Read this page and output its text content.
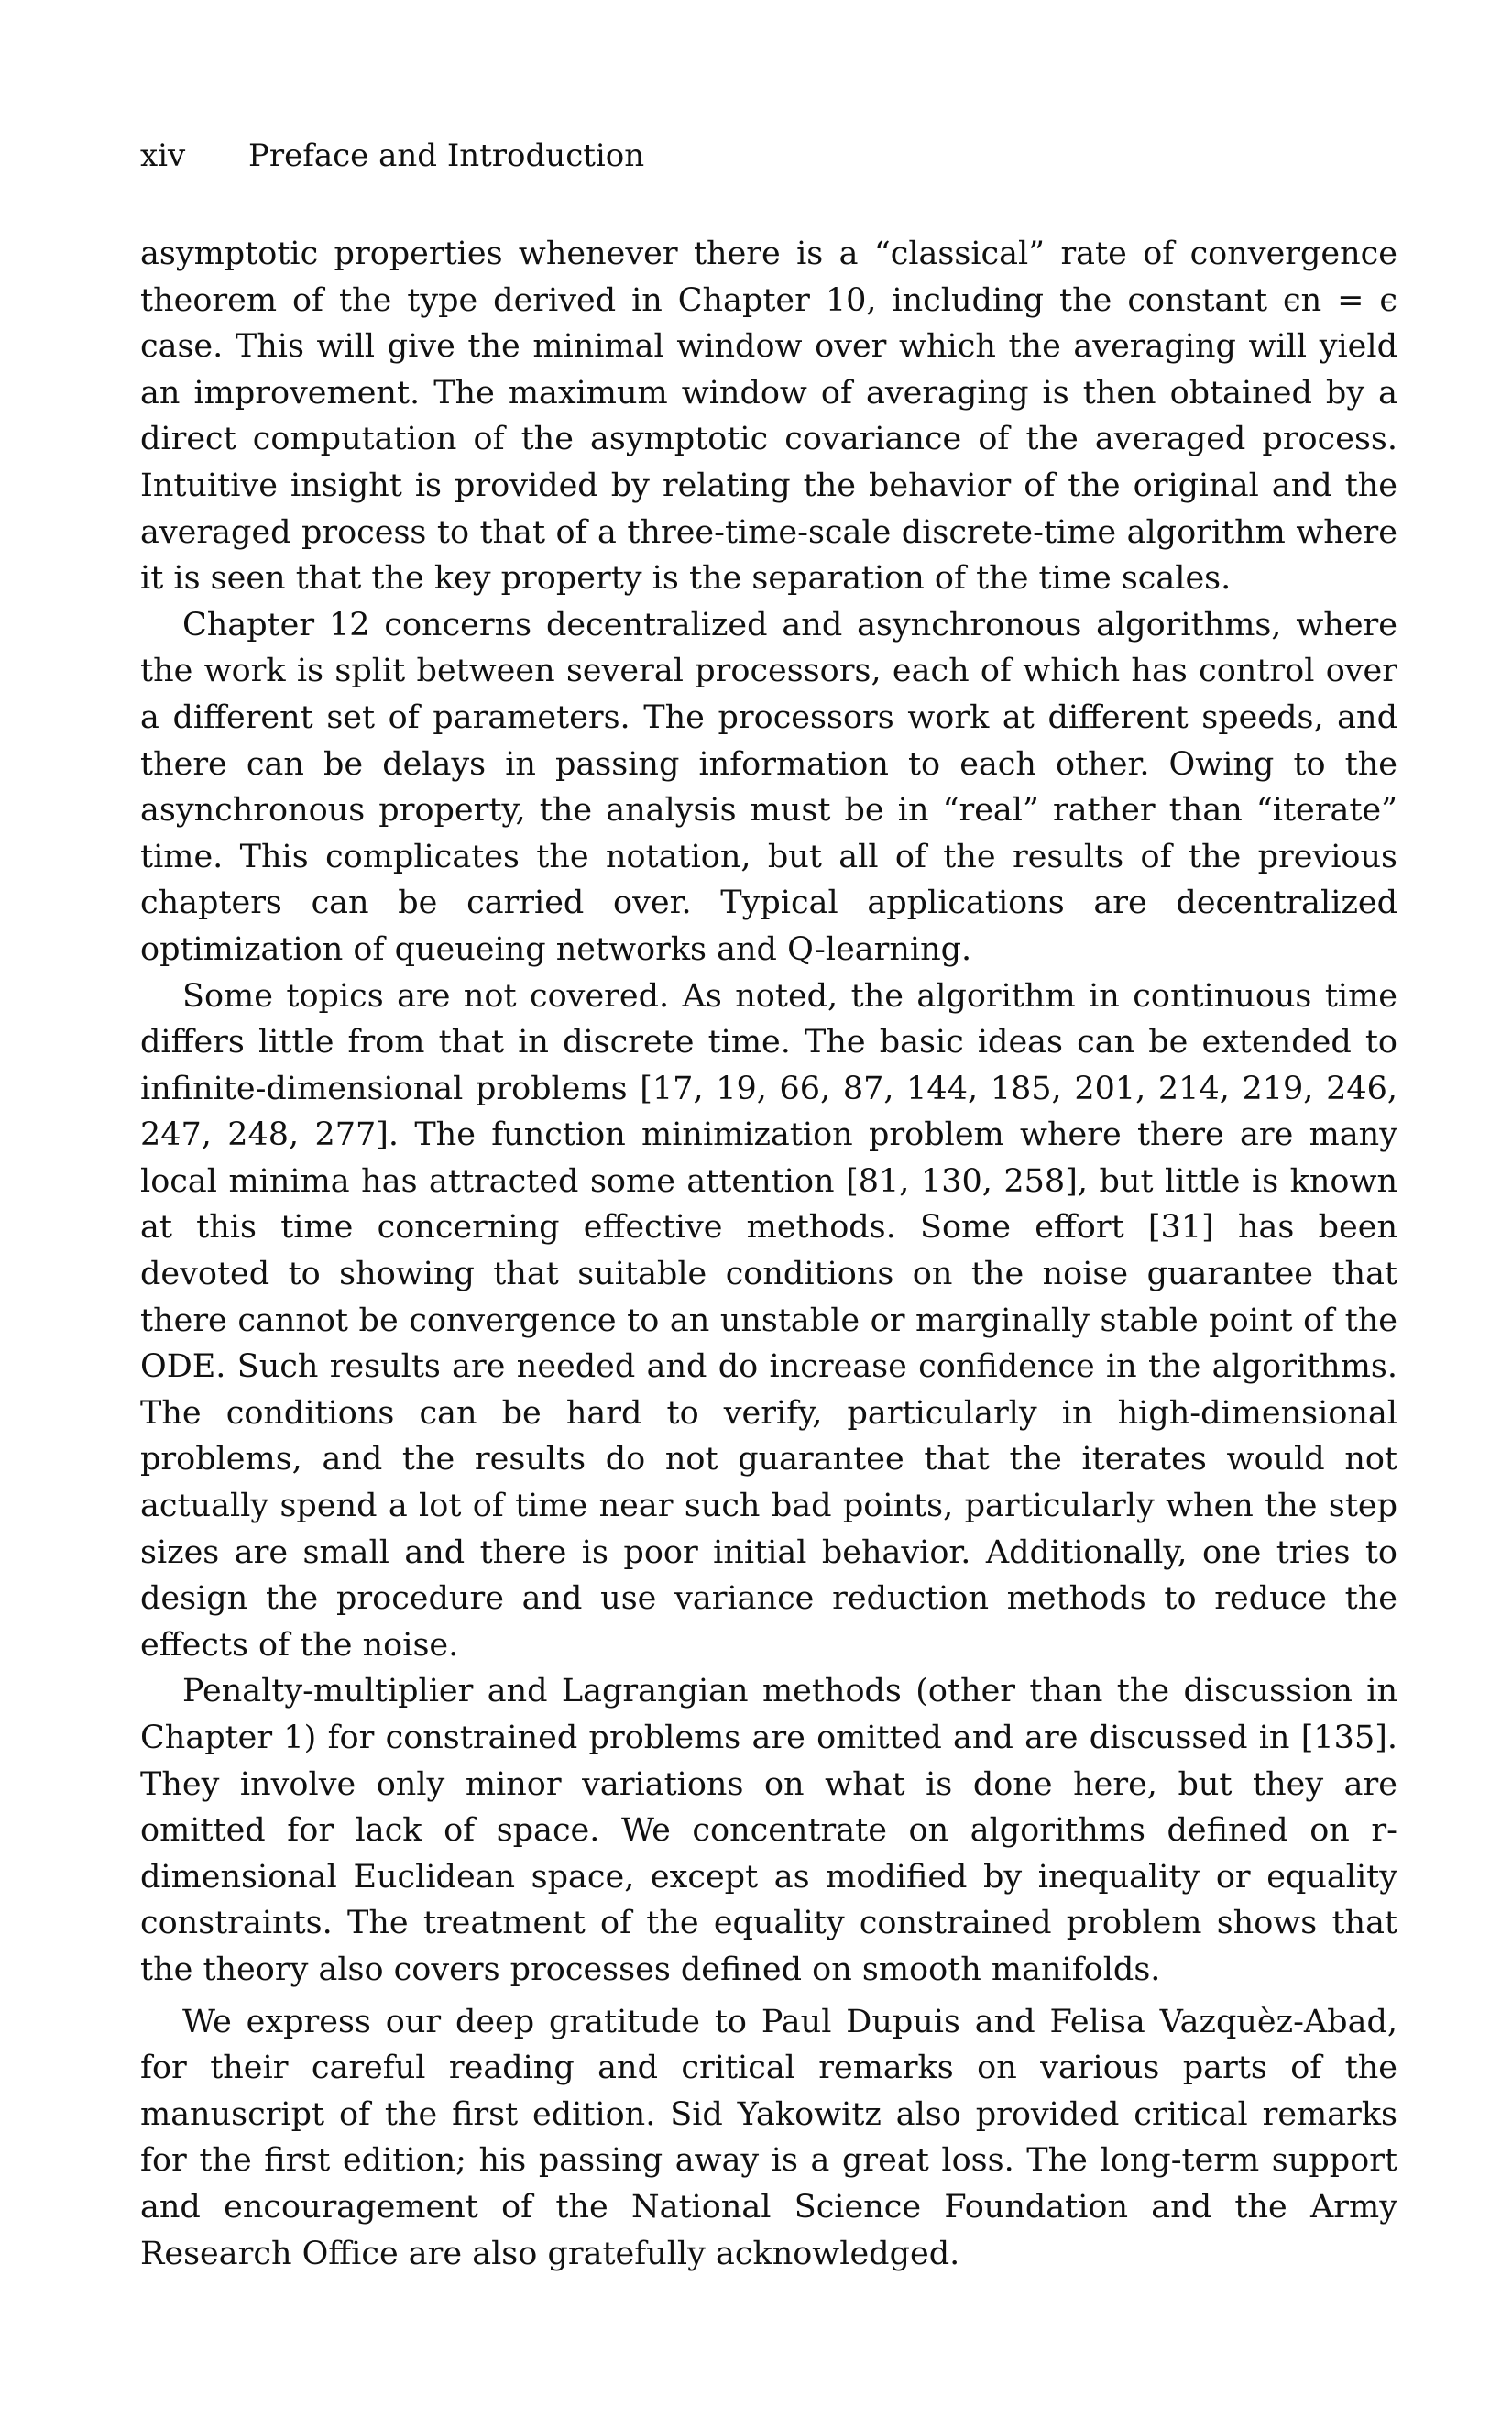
xiv Preface and Introduction

asymptotic properties whenever there is a “classical” rate of convergence theorem of the type derived in Chapter 10, including the constant ϵn = ϵ case. This will give the minimal window over which the averaging will yield an improvement. The maximum window of averaging is then obtained by a direct computation of the asymptotic covariance of the averaged process. Intuitive insight is provided by relating the behavior of the original and the averaged process to that of a three-time-scale discrete-time algorithm where it is seen that the key property is the separation of the time scales.

Chapter 12 concerns decentralized and asynchronous algorithms, where the work is split between several processors, each of which has control over a different set of parameters. The processors work at different speeds, and there can be delays in passing information to each other. Owing to the asynchronous property, the analysis must be in “real” rather than “iterate” time. This complicates the notation, but all of the results of the previous chapters can be carried over. Typical applications are decentralized optimization of queueing networks and Q-learning.

Some topics are not covered. As noted, the algorithm in continuous time differs little from that in discrete time. The basic ideas can be extended to infinite-dimensional problems [17, 19, 66, 87, 144, 185, 201, 214, 219, 246, 247, 248, 277]. The function minimization problem where there are many local minima has attracted some attention [81, 130, 258], but little is known at this time concerning effective methods. Some effort [31] has been devoted to showing that suitable conditions on the noise guarantee that there cannot be convergence to an unstable or marginally stable point of the ODE. Such results are needed and do increase confidence in the algorithms. The conditions can be hard to verify, particularly in high-dimensional problems, and the results do not guarantee that the iterates would not actually spend a lot of time near such bad points, particularly when the step sizes are small and there is poor initial behavior. Additionally, one tries to design the procedure and use variance reduction methods to reduce the effects of the noise.

Penalty-multiplier and Lagrangian methods (other than the discussion in Chapter 1) for constrained problems are omitted and are discussed in [135]. They involve only minor variations on what is done here, but they are omitted for lack of space. We concentrate on algorithms defined on r-dimensional Euclidean space, except as modified by inequality or equality constraints. The treatment of the equality constrained problem shows that the theory also covers processes defined on smooth manifolds.

We express our deep gratitude to Paul Dupuis and Felisa Vazquèz-Abad, for their careful reading and critical remarks on various parts of the manuscript of the first edition. Sid Yakowitz also provided critical remarks for the first edition; his passing away is a great loss. The long-term support and encouragement of the National Science Foundation and the Army Research Office are also gratefully acknowledged.
